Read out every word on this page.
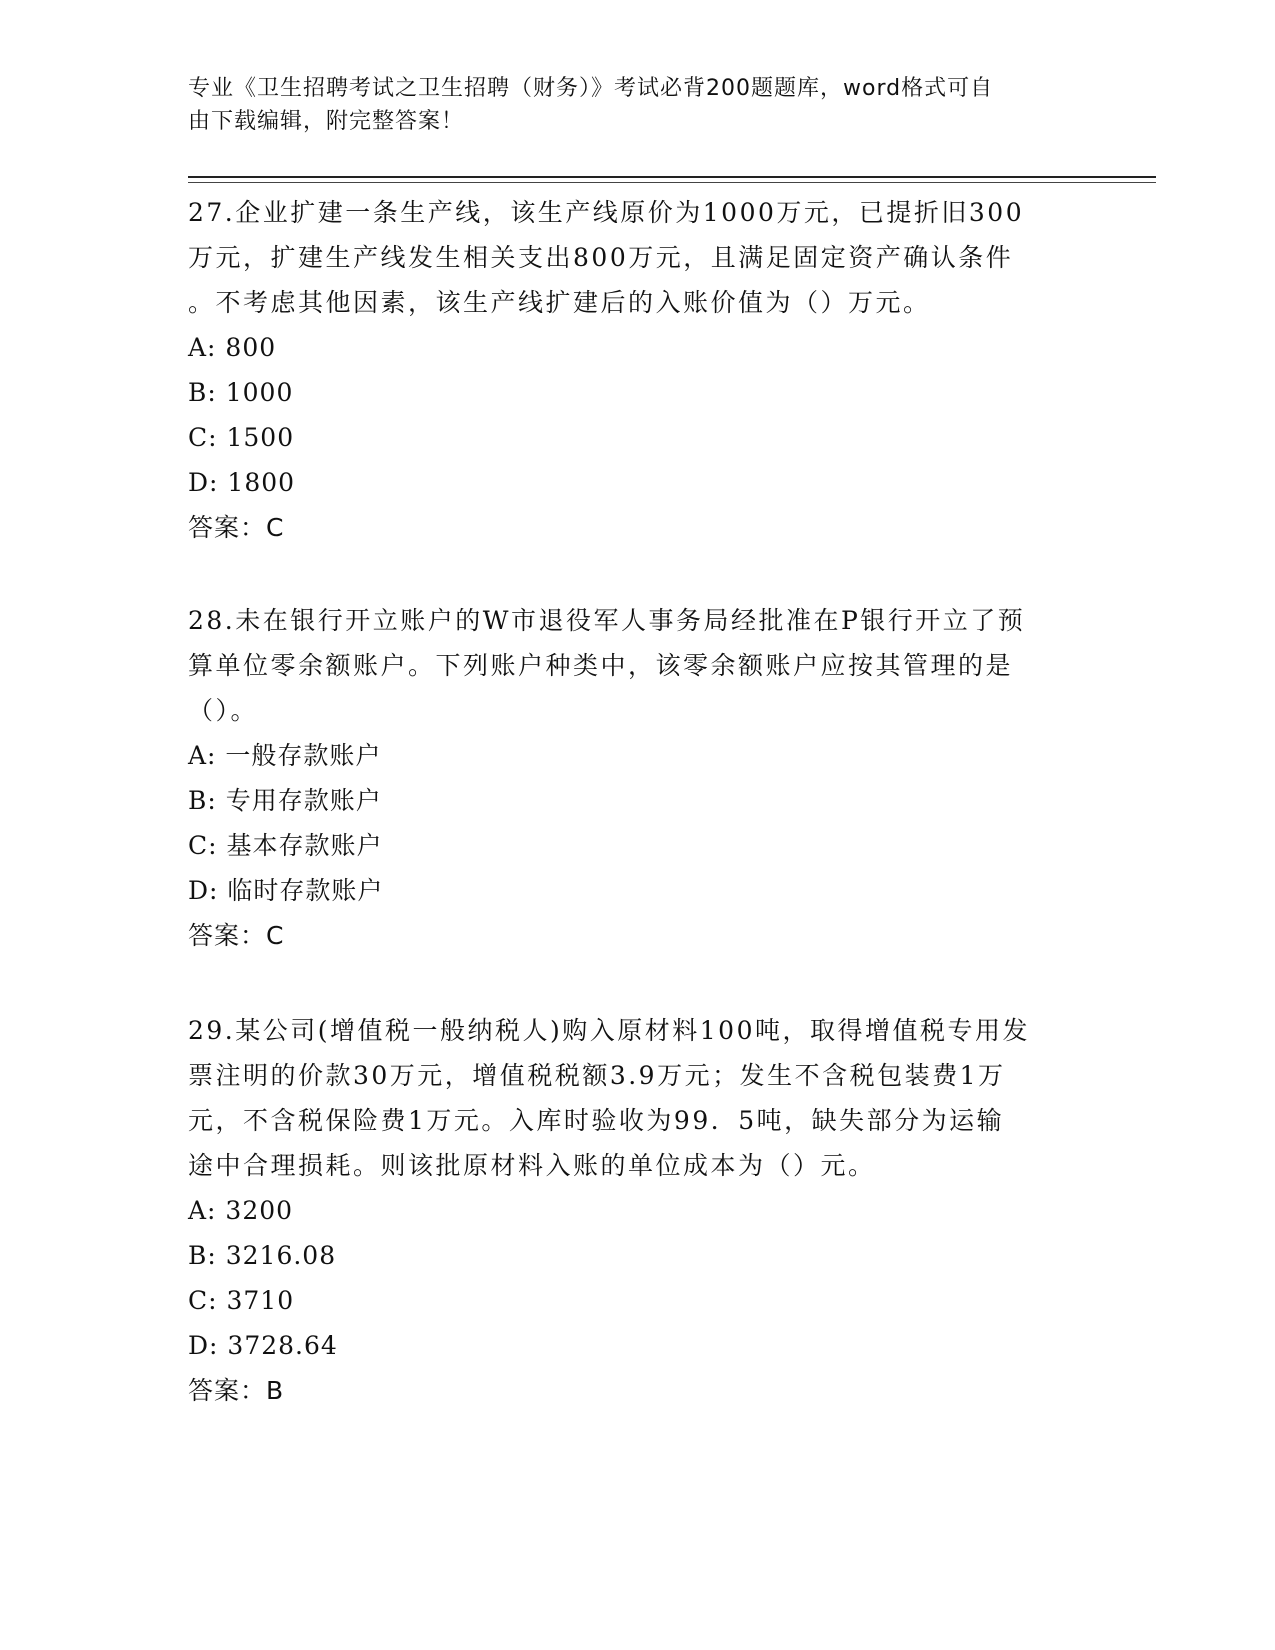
专业《卫生招聘考试之卫生招聘（财务）》考试必背200题题库，word格式可自
由下载编辑，附完整答案！

27.企业扩建一条生产线，该生产线原价为1000万元，已提折旧300

万元，扩建生产线发生相关支出800万元，且满足固定资产确认条件

。不考虑其他因素，该生产线扩建后的入账价值为（）万元。

A: 800

B: 1000

C: 1500

D: 1800

答案：C

28.未在银行开立账户的W市退役军人事务局经批准在P银行开立了预

算单位零余额账户。下列账户种类中，该零余额账户应按其管理的是

（）。

A: 一般存款账户

B: 专用存款账户

C: 基本存款账户

D: 临时存款账户

答案：C

29.某公司(增值税一般纳税人)购入原材料100吨，取得增值税专用发

票注明的价款30万元，增值税税额3.9万元；发生不含税包装费1万

元，不含税保险费1万元。入库时验收为99．5吨，缺失部分为运输

途中合理损耗。则该批原材料入账的单位成本为（）元。

A: 3200

B: 3216.08

C: 3710

D: 3728.64

答案：B
